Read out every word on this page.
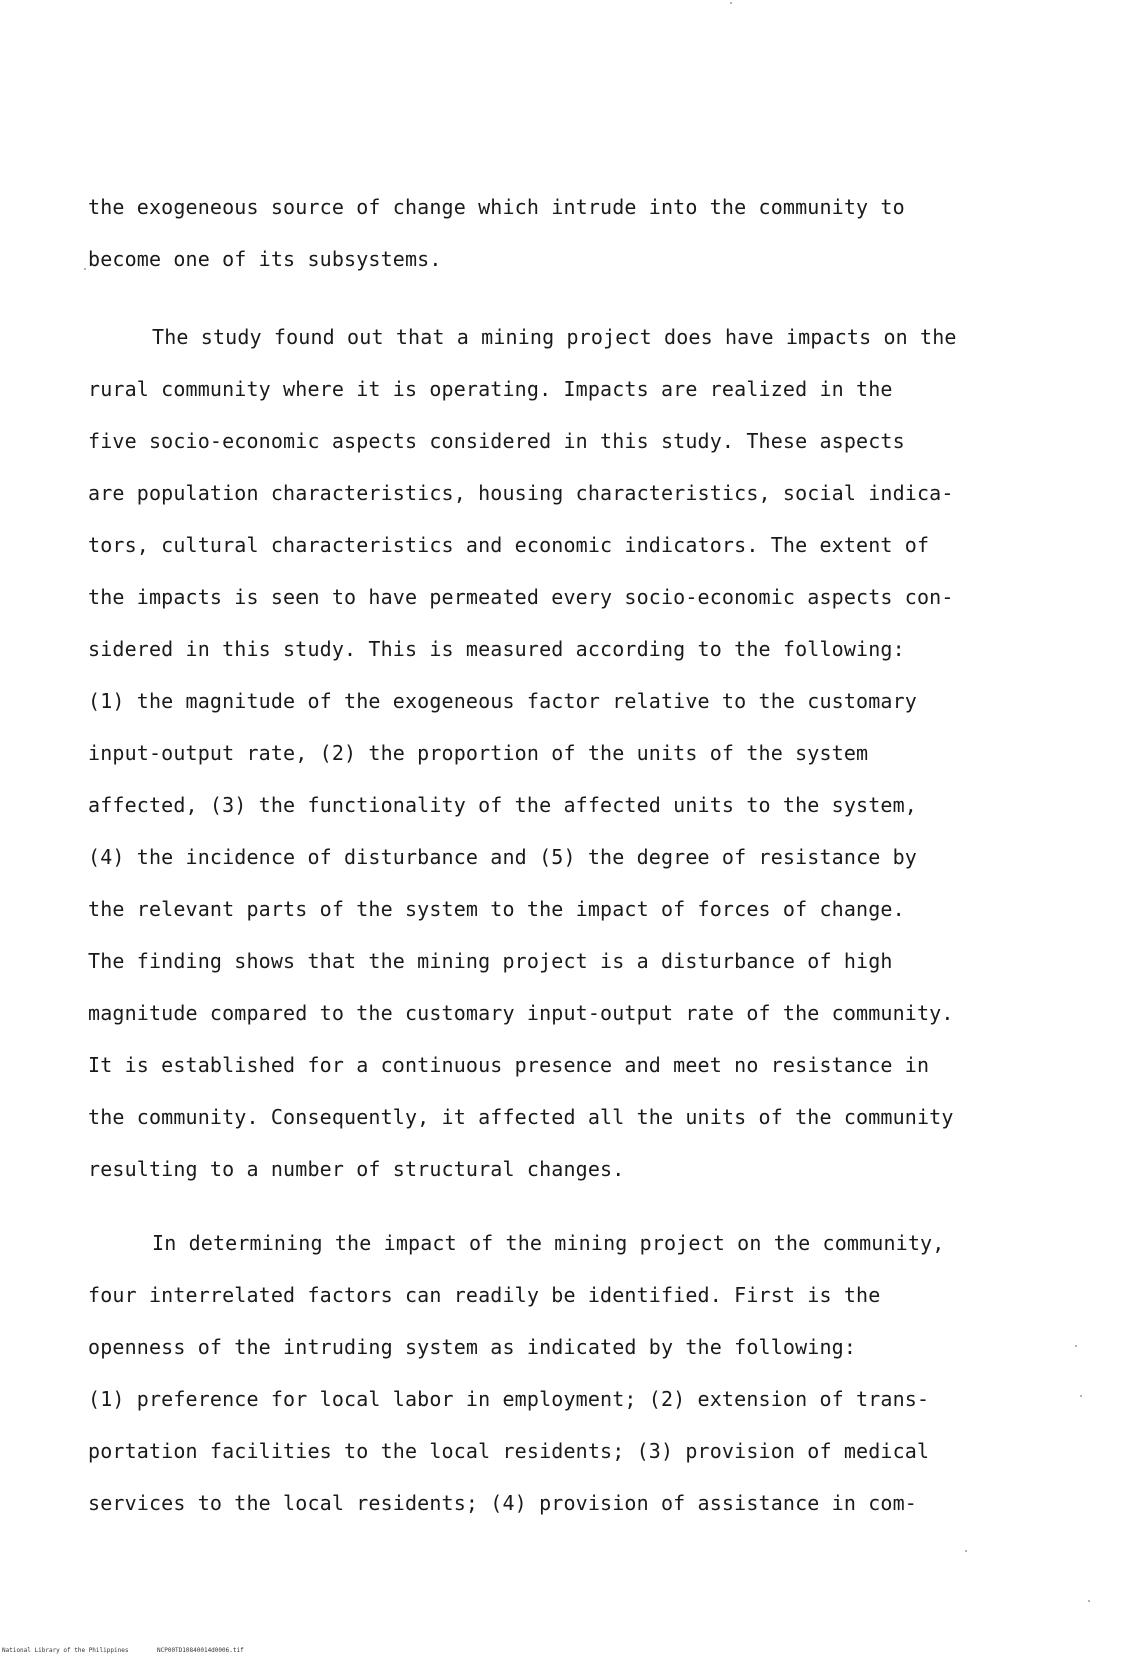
the exogeneous source of change which intrude into the community to
become one of its subsystems.
The study found out that a mining project does have impacts on the
rural community where it is operating. Impacts are realized in the
five socio-economic aspects considered in this study. These aspects
are population characteristics, housing characteristics, social indica-
tors, cultural characteristics and economic indicators. The extent of
the impacts is seen to have permeated every socio-economic aspects con-
sidered in this study. This is measured according to the following:
(1) the magnitude of the exogeneous factor relative to the customary
input-output rate, (2) the proportion of the units of the system
affected, (3) the functionality of the affected units to the system,
(4) the incidence of disturbance and (5) the degree of resistance by
the relevant parts of the system to the impact of forces of change.
The finding shows that the mining project is a disturbance of high
magnitude compared to the customary input-output rate of the community.
It is established for a continuous presence and meet no resistance in
the community. Consequently, it affected all the units of the community
resulting to a number of structural changes.
In determining the impact of the mining project on the community,
four interrelated factors can readily be identified. First is the
openness of the intruding system as indicated by the following:
(1) preference for local labor in employment; (2) extension of trans-
portation facilities to the local residents; (3) provision of medical
services to the local residents; (4) provision of assistance in com-
National Library of the Philippines	NCP00TD10840014d0006.tif
